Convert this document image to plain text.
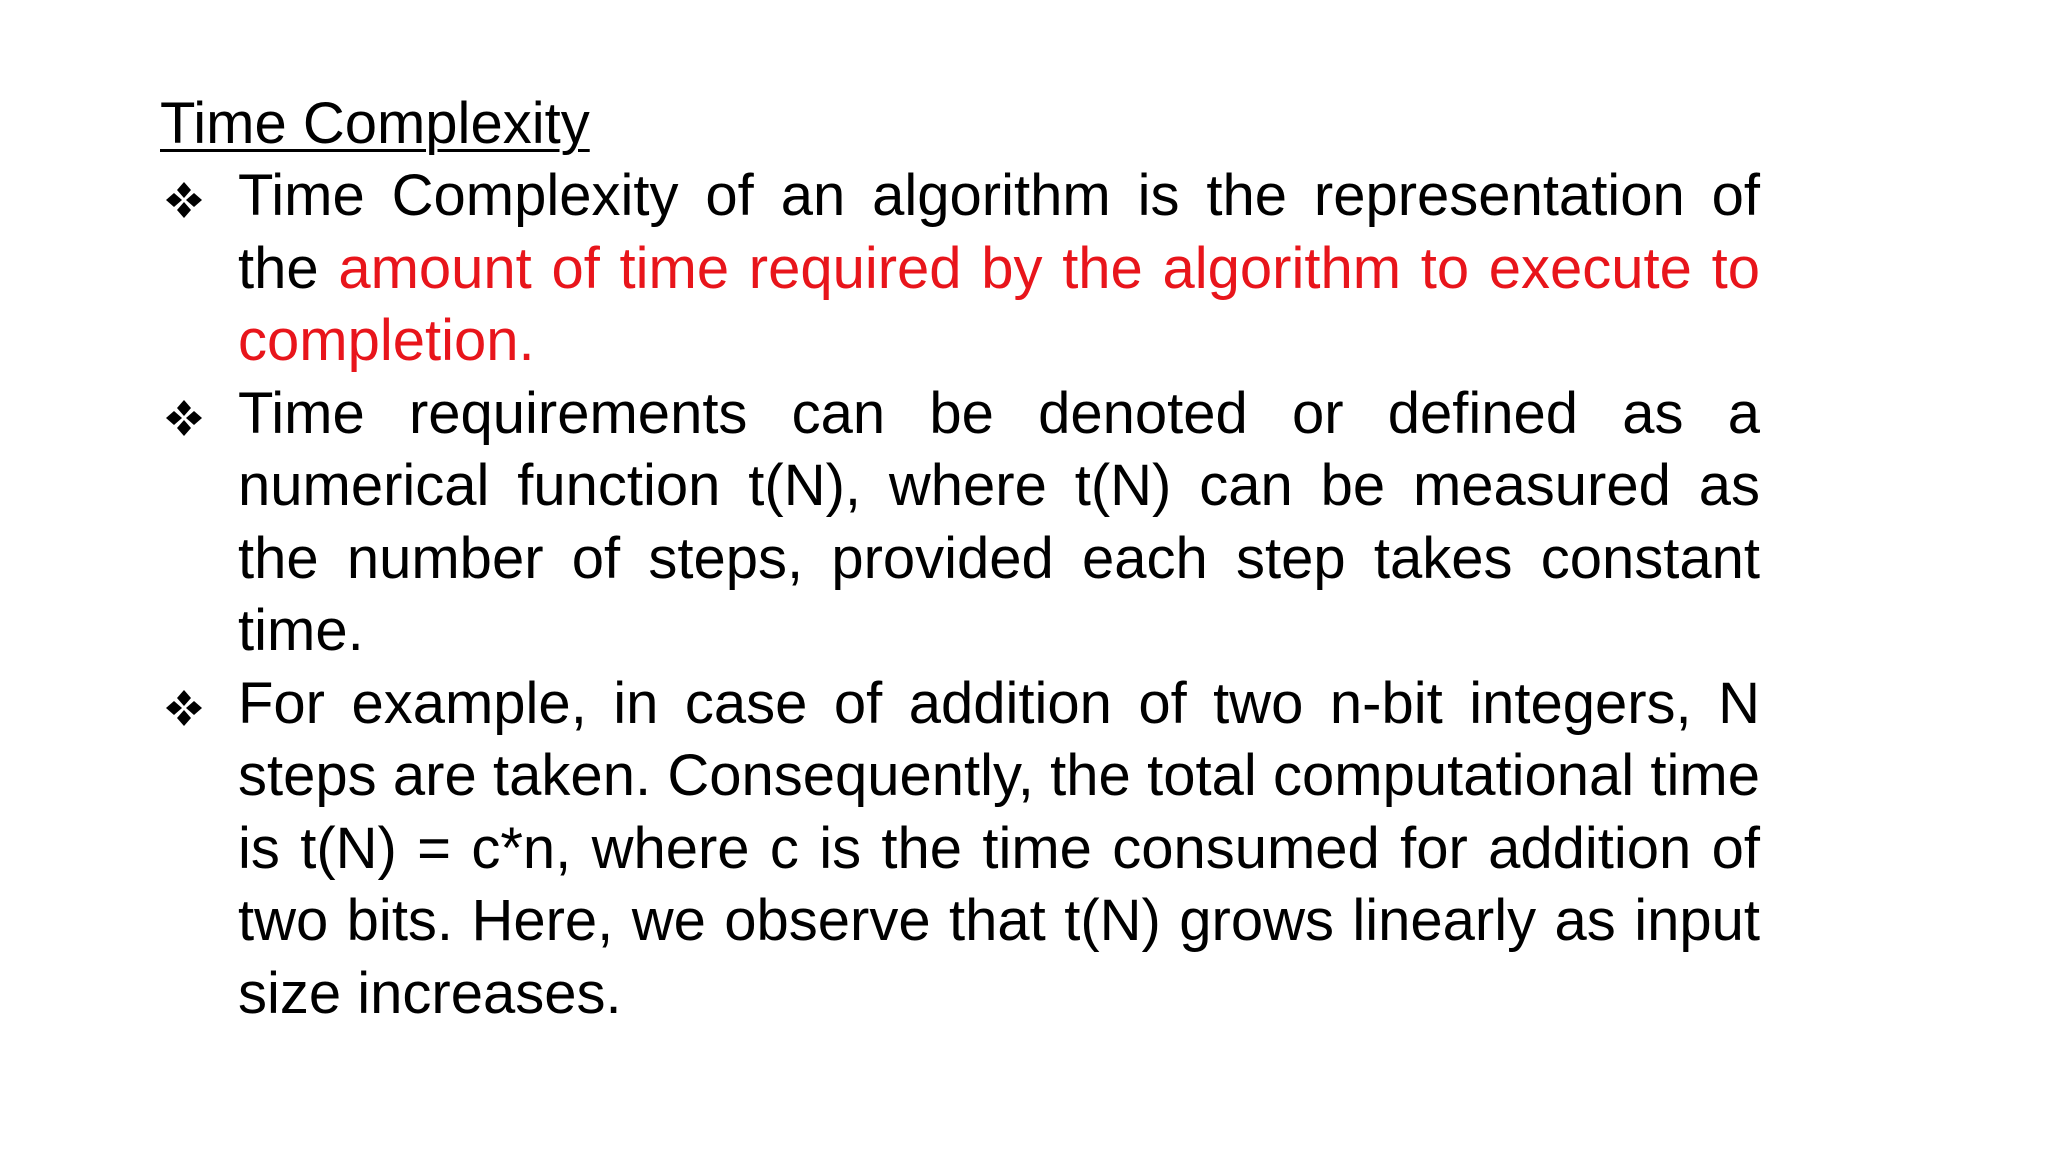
Time Complexity
Time Complexity of an algorithm is the representation of the amount of time required by the algorithm to execute to completion.
Time requirements can be denoted or defined as a numerical function t(N), where t(N) can be measured as the number of steps, provided each step takes constant time.
For example, in case of addition of two n-bit integers, N steps are taken. Consequently, the total computational time is t(N) = c*n, where c is the time consumed for addition of two bits. Here, we observe that t(N) grows linearly as input size increases.
